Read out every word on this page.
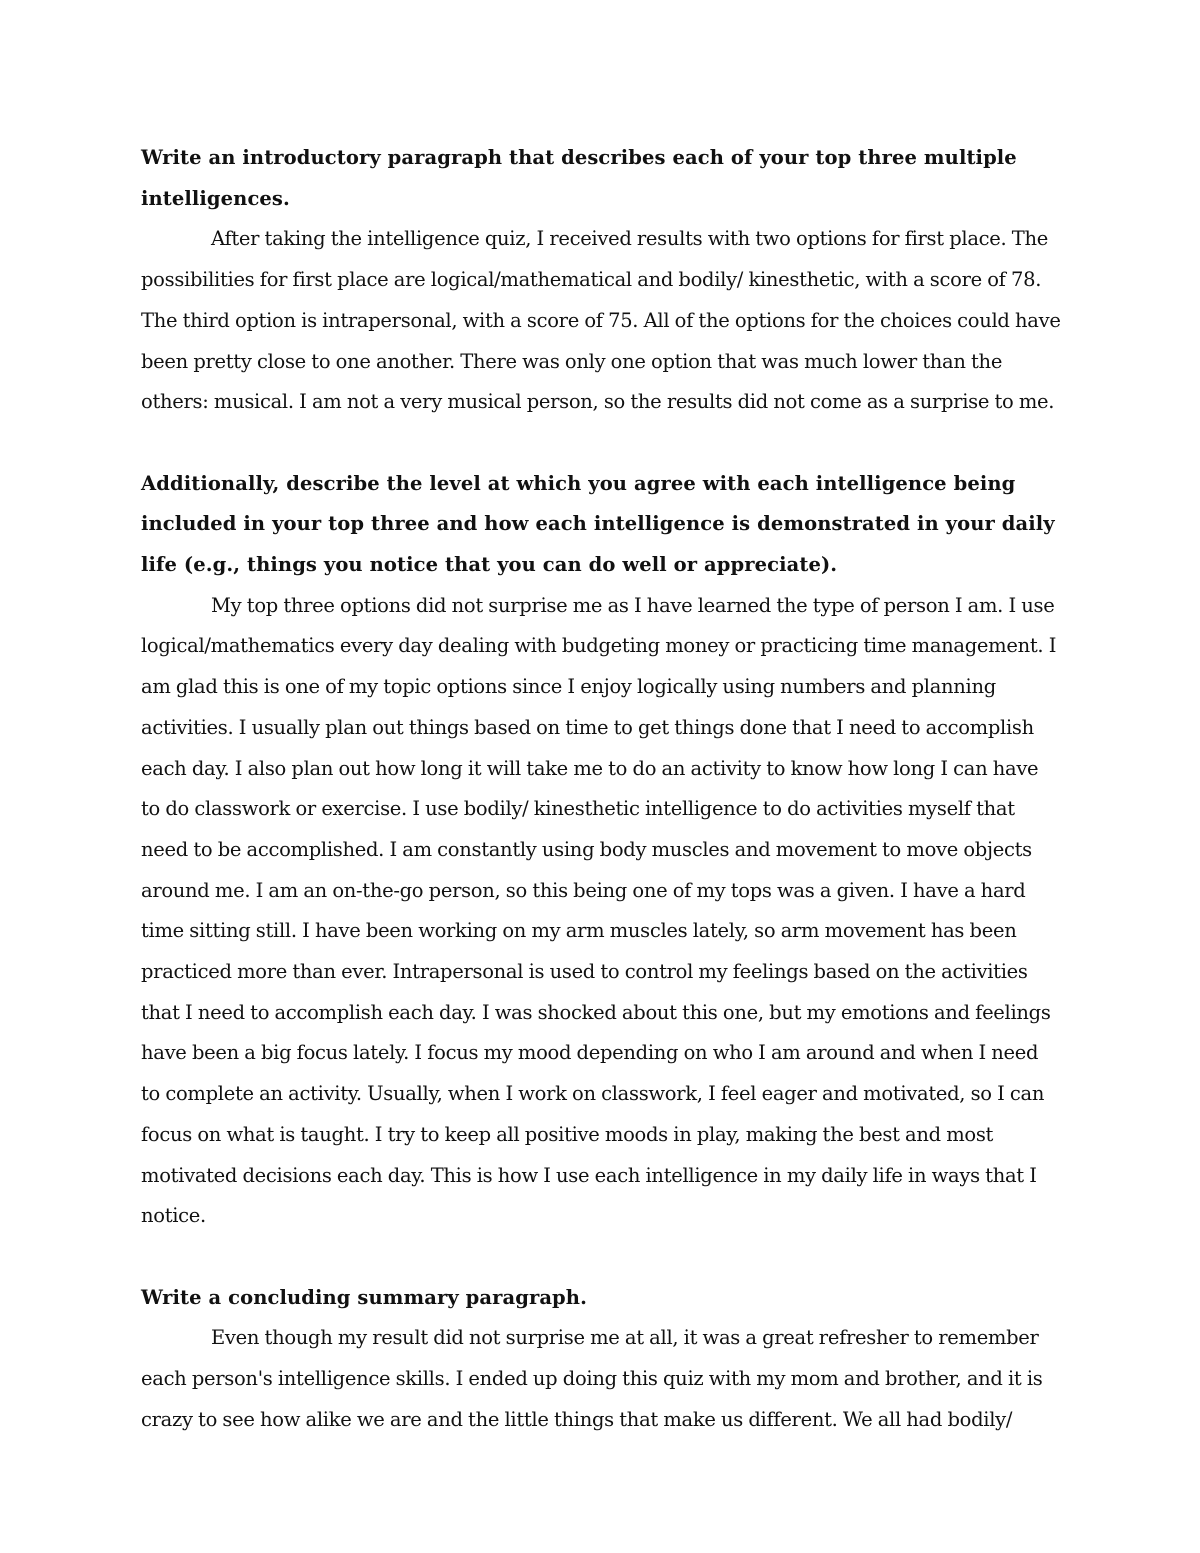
Write an introductory paragraph that describes each of your top three multiple intelligences.

After taking the intelligence quiz, I received results with two options for first place. The possibilities for first place are logical/mathematical and bodily/ kinesthetic, with a score of 78. The third option is intrapersonal, with a score of 75. All of the options for the choices could have been pretty close to one another. There was only one option that was much lower than the others: musical. I am not a very musical person, so the results did not come as a surprise to me.

Additionally, describe the level at which you agree with each intelligence being included in your top three and how each intelligence is demonstrated in your daily life (e.g., things you notice that you can do well or appreciate).

My top three options did not surprise me as I have learned the type of person I am. I use logical/mathematics every day dealing with budgeting money or practicing time management. I am glad this is one of my topic options since I enjoy logically using numbers and planning activities. I usually plan out things based on time to get things done that I need to accomplish each day. I also plan out how long it will take me to do an activity to know how long I can have to do classwork or exercise. I use bodily/ kinesthetic intelligence to do activities myself that need to be accomplished. I am constantly using body muscles and movement to move objects around me. I am an on-the-go person, so this being one of my tops was a given. I have a hard time sitting still. I have been working on my arm muscles lately, so arm movement has been practiced more than ever. Intrapersonal is used to control my feelings based on the activities that I need to accomplish each day. I was shocked about this one, but my emotions and feelings have been a big focus lately. I focus my mood depending on who I am around and when I need to complete an activity. Usually, when I work on classwork, I feel eager and motivated, so I can focus on what is taught. I try to keep all positive moods in play, making the best and most motivated decisions each day. This is how I use each intelligence in my daily life in ways that I notice.

Write a concluding summary paragraph.

Even though my result did not surprise me at all, it was a great refresher to remember each person's intelligence skills. I ended up doing this quiz with my mom and brother, and it is crazy to see how alike we are and the little things that make us different. We all had bodily/
